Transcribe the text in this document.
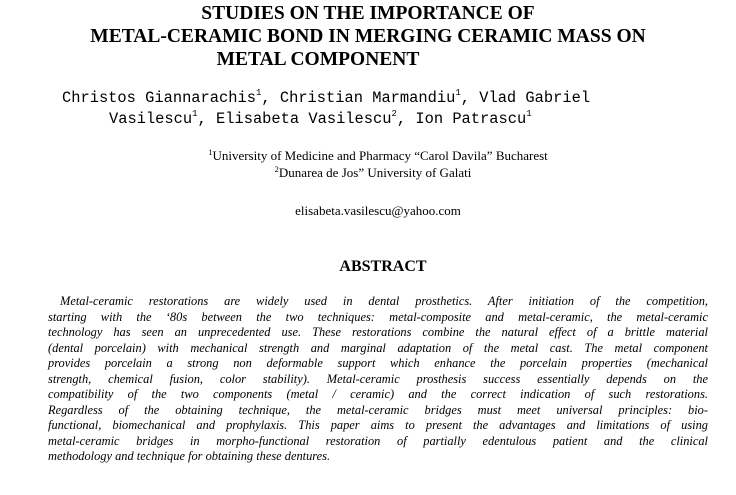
STUDIES ON THE IMPORTANCE OF
METAL-CERAMIC BOND IN MERGING CERAMIC MASS ON
METAL COMPONENT
Christos Giannarachis$^1$, Christian Marmandiu$^1$, Vlad Gabriel
Vasilescu$^1$, Elisabeta Vasilescu$^2$, Ion Patrascu$^1$
$^1$University of Medicine and Pharmacy “Carol Davila” Bucharest
$^2$Dunarea de Jos” University of Galati
elisabeta.vasilescu@yahoo.com
ABSTRACT
Metal-ceramic restorations are widely used in dental prosthetics. After initiation of the competition,
starting with the ‘80s between the two techniques: metal-composite and metal-ceramic, the metal-ceramic
technology has seen an unprecedented use. These restorations combine the natural effect of a brittle material
(dental porcelain) with mechanical strength and marginal adaptation of the metal cast. The metal component
provides porcelain a strong non deformable support which enhance the porcelain properties (mechanical
strength, chemical fusion, color stability). Metal-ceramic prosthesis success essentially depends on the
compatibility of the two components (metal / ceramic) and the correct indication of such restorations.
Regardless of the obtaining technique, the metal-ceramic bridges must meet universal principles: bio-
functional, biomechanical and prophylaxis. This paper aims to present the advantages and limitations of using
metal-ceramic bridges in morpho-functional restoration of partially edentulous patient and the clinical
methodology and technique for obtaining these dentures.
